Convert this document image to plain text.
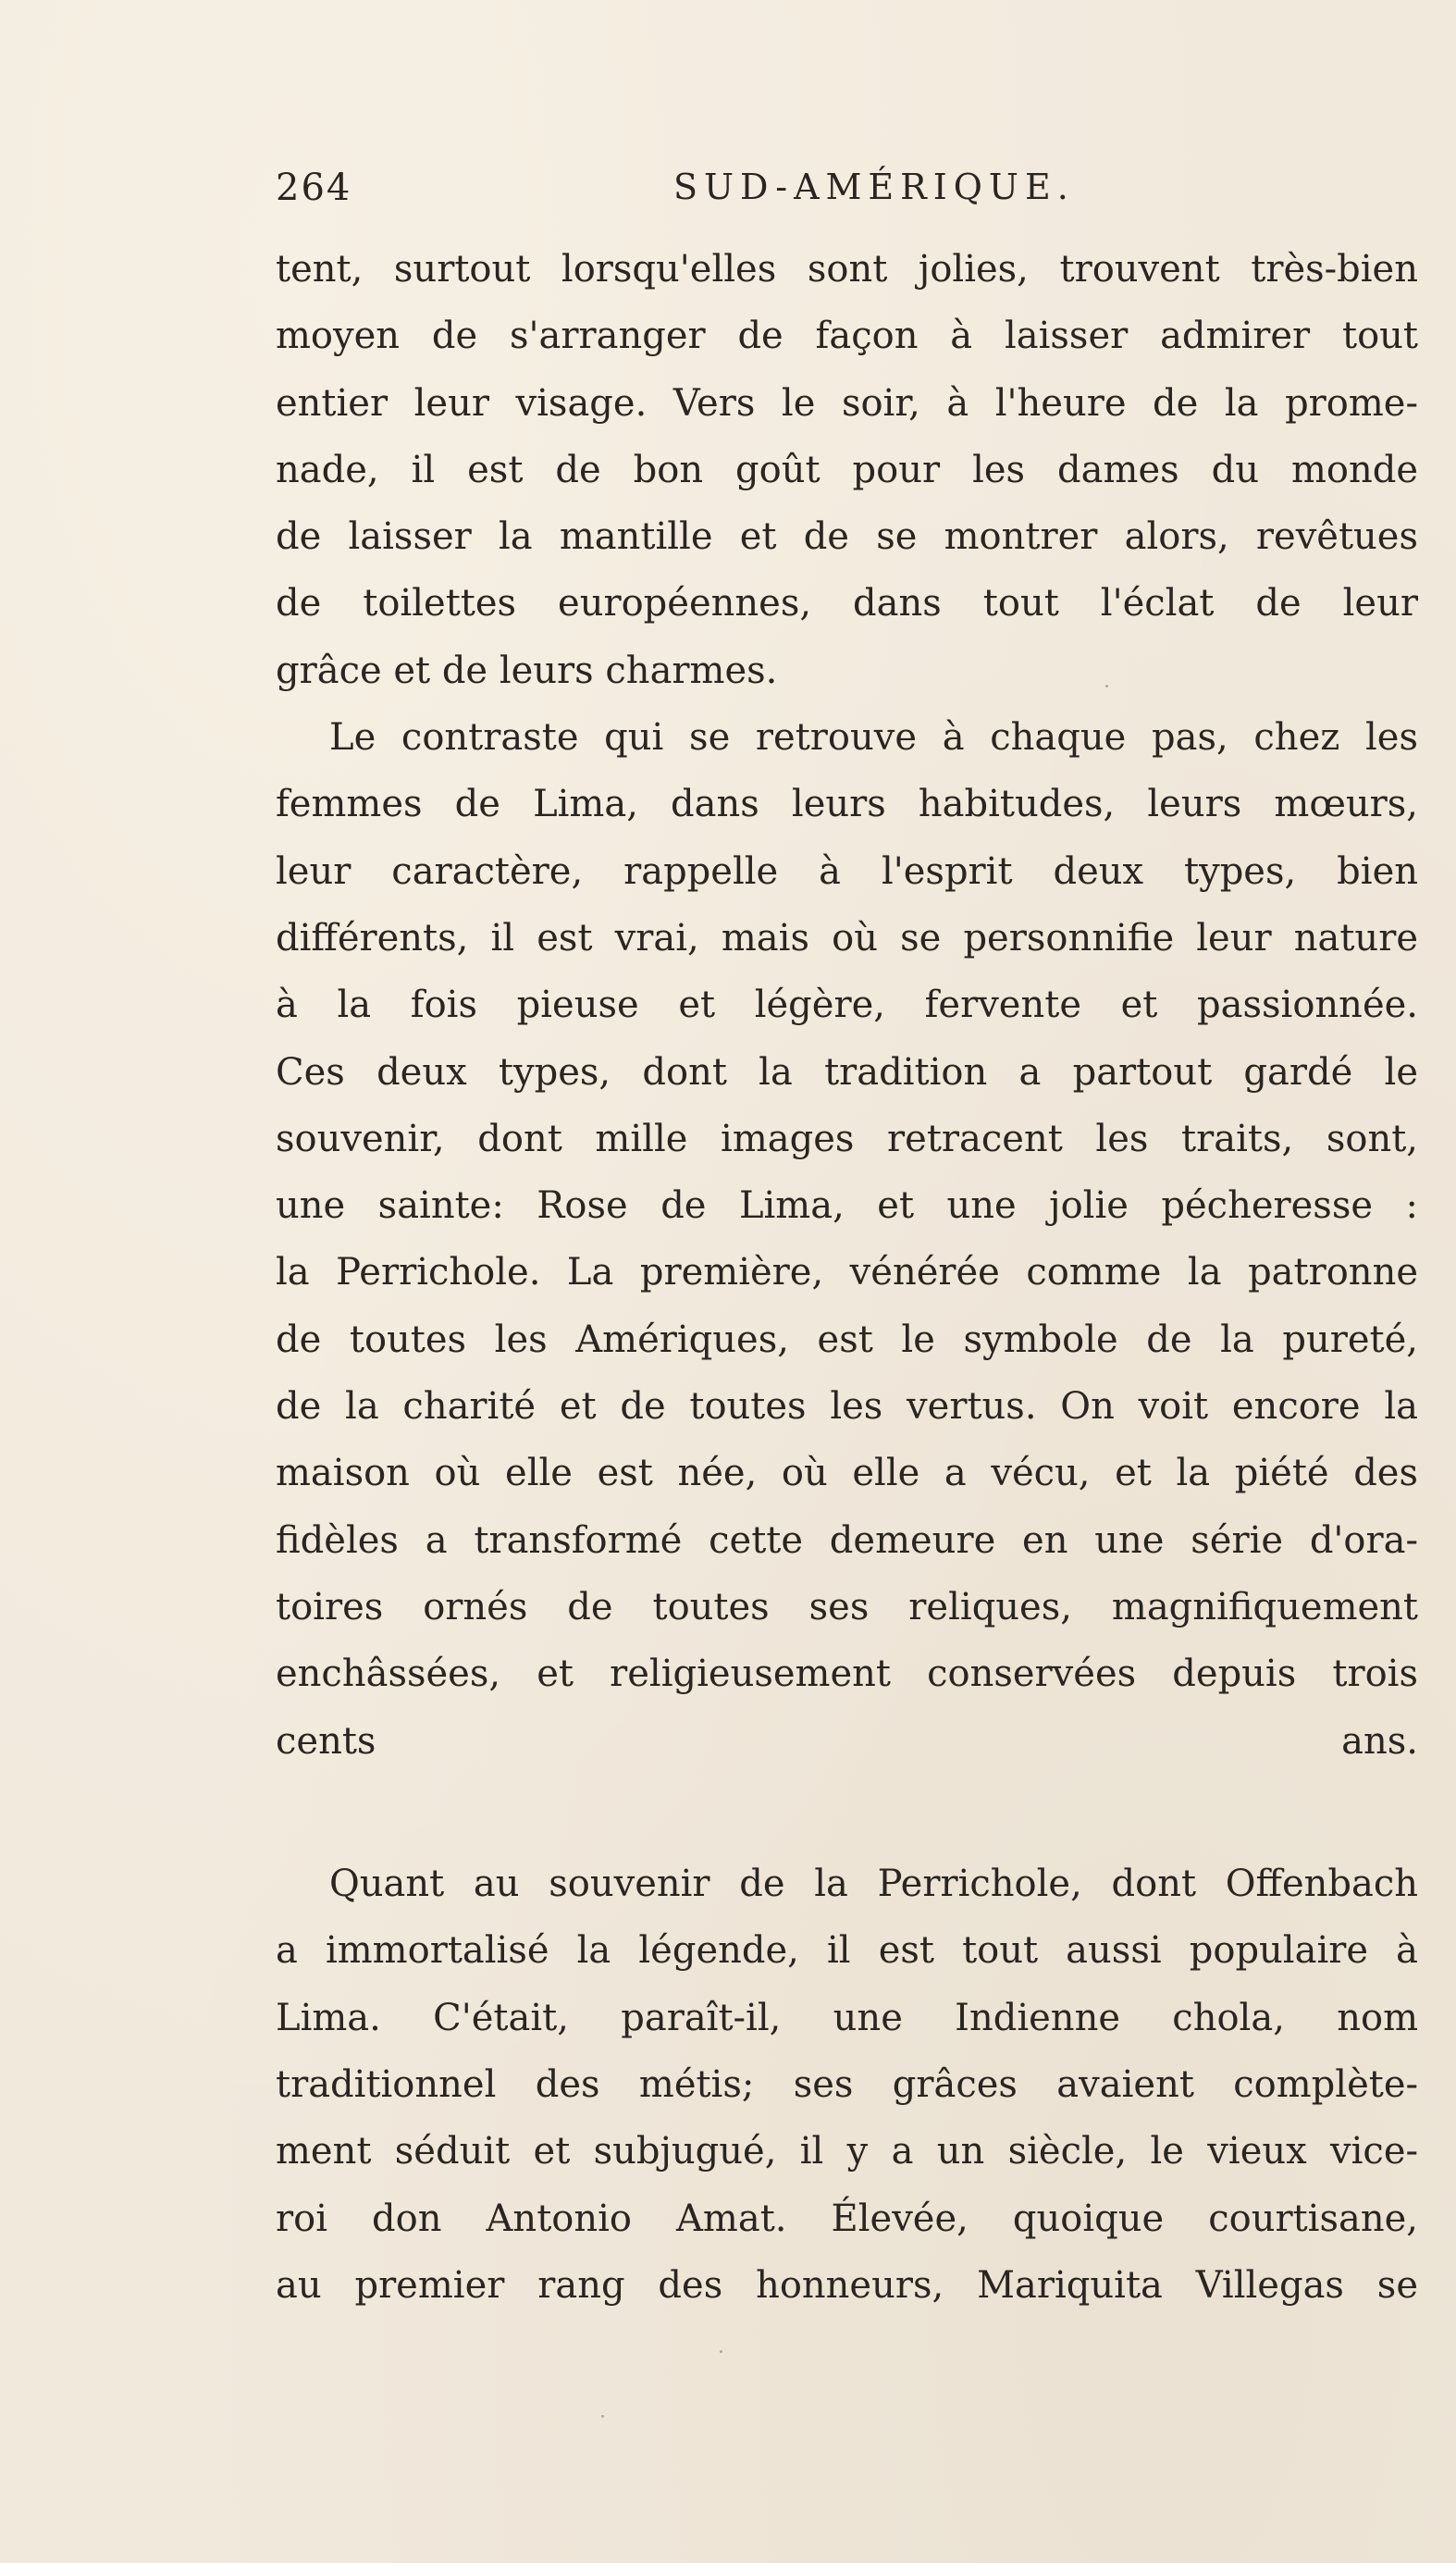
264	SUD-AMÉRIQUE.
tent, surtout lorsqu'elles sont jolies, trouvent très-bien
moyen de s'arranger de façon à laisser admirer tout
entier leur visage. Vers le soir, à l'heure de la prome-
nade, il est de bon goût pour les dames du monde
de laisser la mantille et de se montrer alors, revêtues
de toilettes européennes, dans tout l'éclat de leur
grâce et de leurs charmes.
Le contraste qui se retrouve à chaque pas, chez les
femmes de Lima, dans leurs habitudes, leurs mœurs,
leur caractère, rappelle à l'esprit deux types, bien
différents, il est vrai, mais où se personnifie leur nature
à la fois pieuse et légère, fervente et passionnée.
Ces deux types, dont la tradition a partout gardé le
souvenir, dont mille images retracent les traits, sont,
une sainte: Rose de Lima, et une jolie pécheresse :
la Perrichole. La première, vénérée comme la patronne
de toutes les Amériques, est le symbole de la pureté,
de la charité et de toutes les vertus. On voit encore la
maison où elle est née, où elle a vécu, et la piété des
fidèles a transformé cette demeure en une série d'ora-
toires ornés de toutes ses reliques, magnifiquement
enchâssées, et religieusement conservées depuis trois
cents ans.
Quant au souvenir de la Perrichole, dont Offenbach
a immortalisé la légende, il est tout aussi populaire à
Lima. C'était, paraît-il, une Indienne chola, nom
traditionnel des métis; ses grâces avaient complète-
ment séduit et subjugué, il y a un siècle, le vieux vice-
roi don Antonio Amat. Élevée, quoique courtisane,
au premier rang des honneurs, Mariquita Villegas se
